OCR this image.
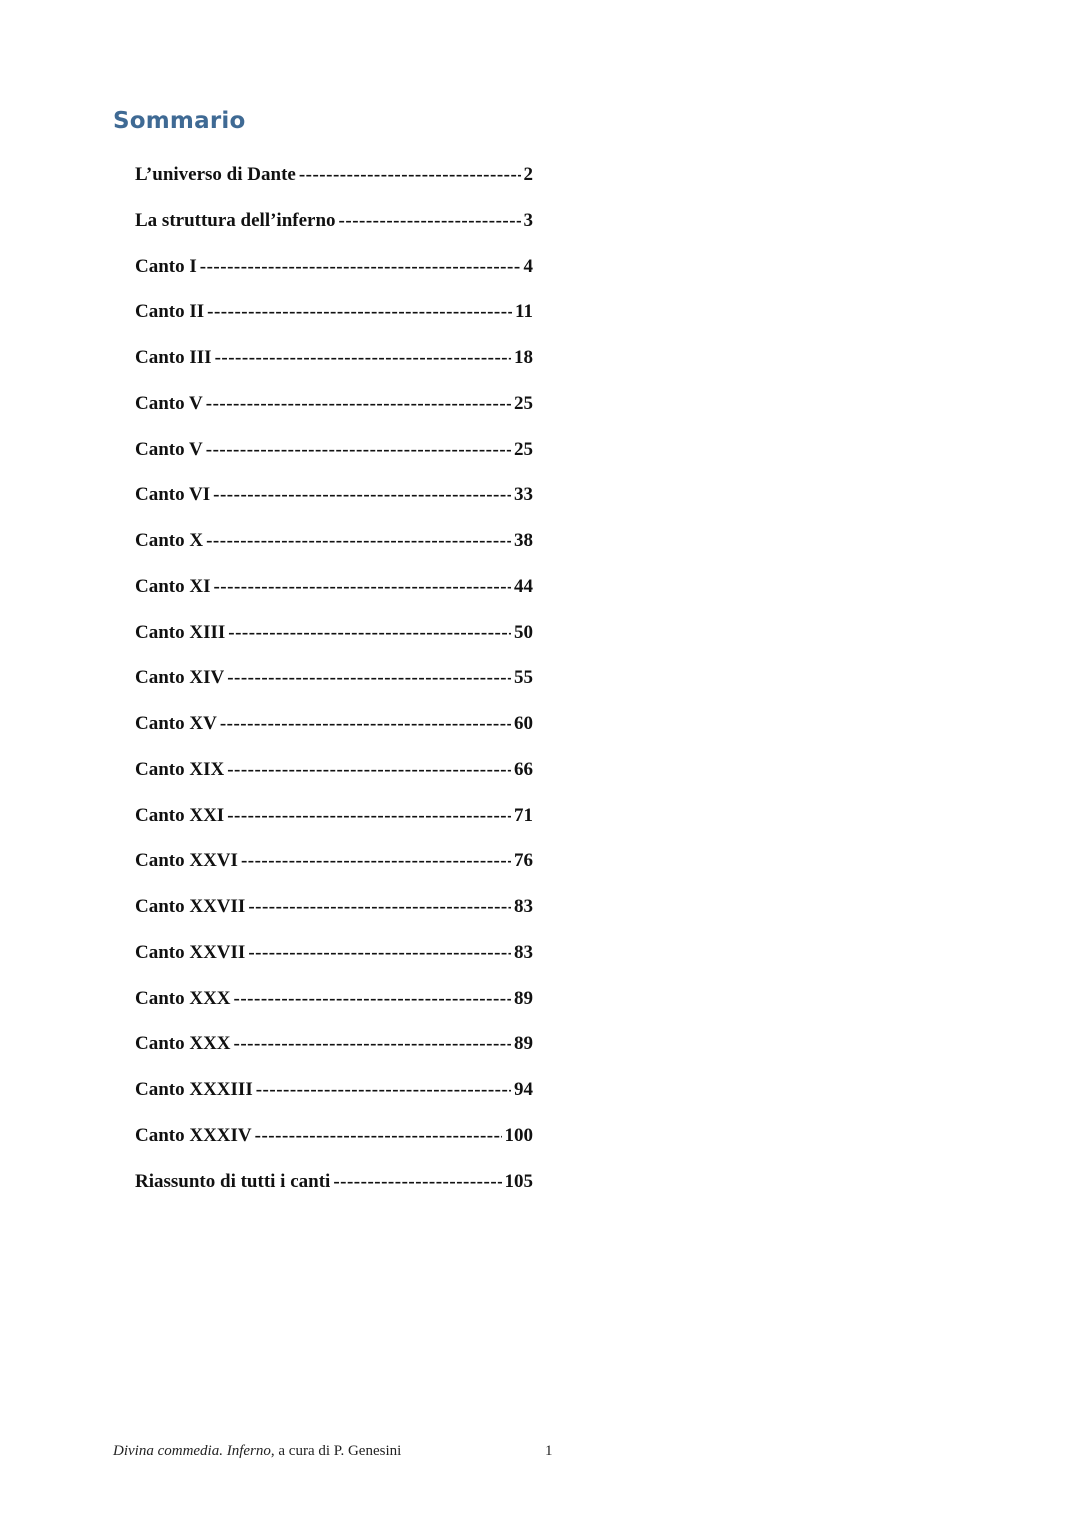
Sommario
L’universo di Dante -----	2
La struttura dell’inferno -----	3
Canto I -----	4
Canto II -----	11
Canto III -----	18
Canto V -----	25
Canto V -----	25
Canto VI -----	33
Canto X -----	38
Canto XI -----	44
Canto XIII -----	50
Canto XIV -----	55
Canto XV -----	60
Canto XIX -----	66
Canto XXI -----	71
Canto XXVI -----	76
Canto XXVII -----	83
Canto XXVII -----	83
Canto XXX -----	89
Canto XXX -----	89
Canto XXXIII -----	94
Canto XXXIV -----	100
Riassunto di tutti i canti -----	105
Divina commedia. Inferno, a cura di P. Genesini	1
